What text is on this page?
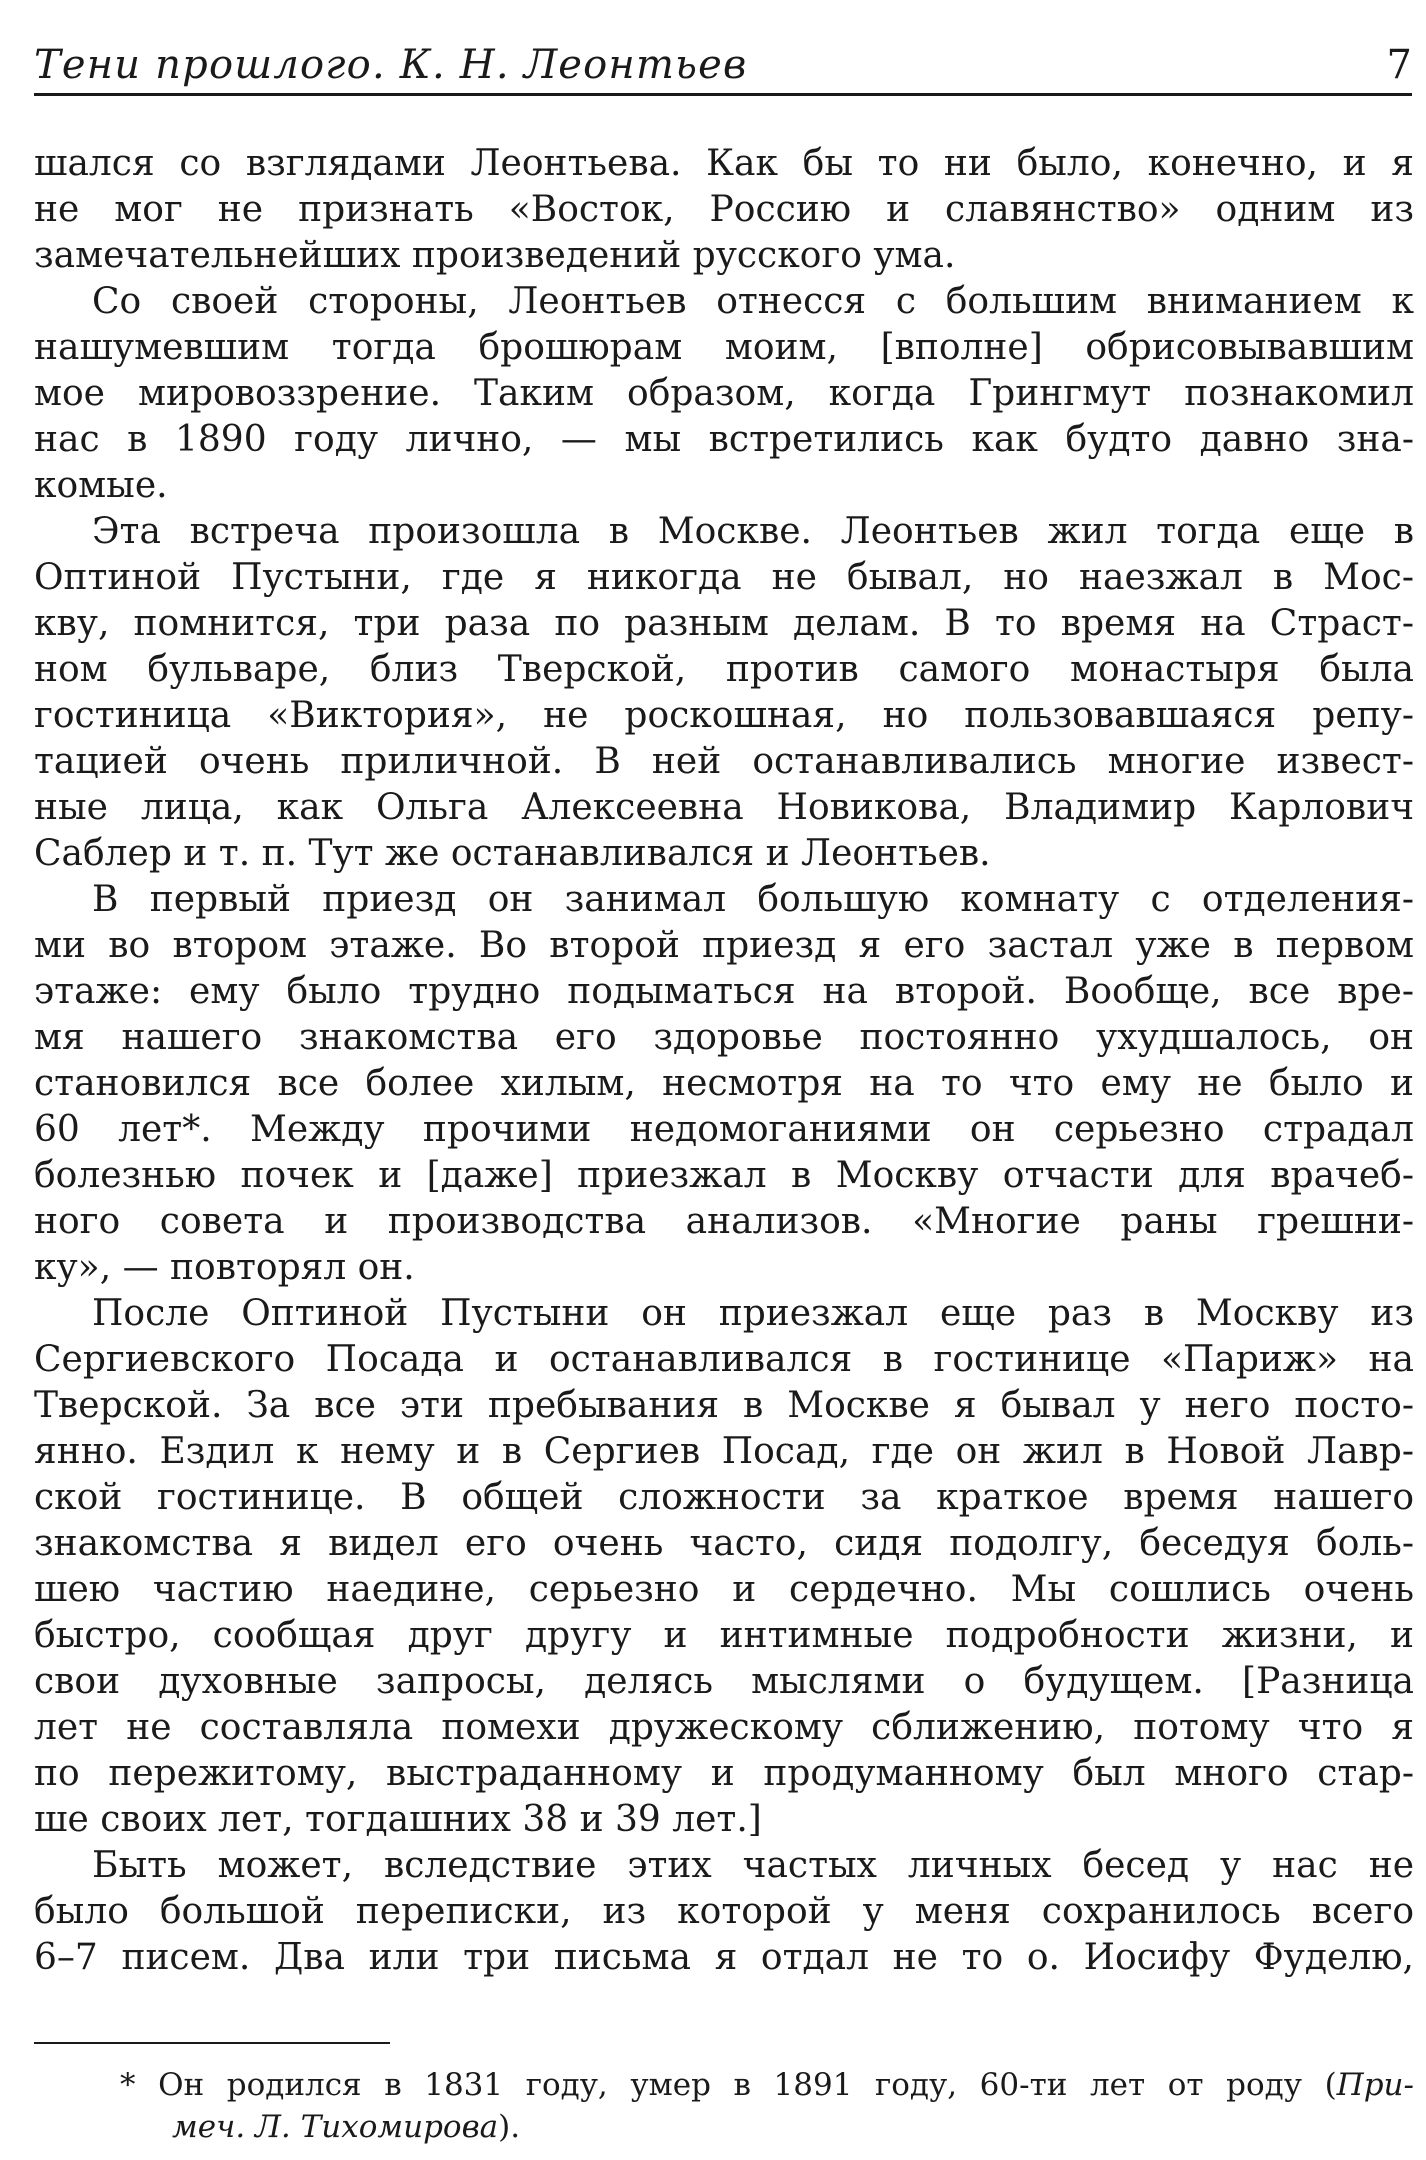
Тени прошлого. К. Н. Леонтьев	7
шался со взглядами Леонтьева. Как бы то ни было, конечно, и я
не мог не признать «Восток, Россию и славянство» одним из
замечательнейших произведений русского ума.
Со своей стороны, Леонтьев отнесся с большим вниманием к
нашумевшим тогда брошюрам моим, [вполне] обрисовывавшим
мое мировоззрение. Таким образом, когда Грингмут познакомил
нас в 1890 году лично, — мы встретились как будто давно зна-
комые.
Эта встреча произошла в Москве. Леонтьев жил тогда еще в
Оптиной Пустыни, где я никогда не бывал, но наезжал в Мос-
кву, помнится, три раза по разным делам. В то время на Страст-
ном бульваре, близ Тверской, против самого монастыря была
гостиница «Виктория», не роскошная, но пользовавшаяся репу-
тацией очень приличной. В ней останавливались многие извест-
ные лица, как Ольга Алексеевна Новикова, Владимир Карлович
Саблер и т. п. Тут же останавливался и Леонтьев.
В первый приезд он занимал большую комнату с отделения-
ми во втором этаже. Во второй приезд я его застал уже в первом
этаже: ему было трудно подыматься на второй. Вообще, все вре-
мя нашего знакомства его здоровье постоянно ухудшалось, он
становился все более хилым, несмотря на то что ему не было и
60 лет*. Между прочими недомоганиями он серьезно страдал
болезнью почек и [даже] приезжал в Москву отчасти для врачеб-
ного совета и производства анализов. «Многие раны грешни-
ку», — повторял он.
После Оптиной Пустыни он приезжал еще раз в Москву из
Сергиевского Посада и останавливался в гостинице «Париж» на
Тверской. За все эти пребывания в Москве я бывал у него посто-
янно. Ездил к нему и в Сергиев Посад, где он жил в Новой Лавр-
ской гостинице. В общей сложности за краткое время нашего
знакомства я видел его очень часто, сидя подолгу, беседуя боль-
шею частию наедине, серьезно и сердечно. Мы сошлись очень
быстро, сообщая друг другу и интимные подробности жизни, и
свои духовные запросы, делясь мыслями о будущем. [Разница
лет не составляла помехи дружескому сближению, потому что я
по пережитому, выстраданному и продуманному был много стар-
ше своих лет, тогдашних 38 и 39 лет.]
Быть может, вследствие этих частых личных бесед у нас не
было большой переписки, из которой у меня сохранилось всего
6–7 писем. Два или три письма я отдал не то о. Иосифу Фуделю,
* Он родился в 1831 году, умер в 1891 году, 60-ти лет от роду (При-
меч. Л. Тихомирова).
